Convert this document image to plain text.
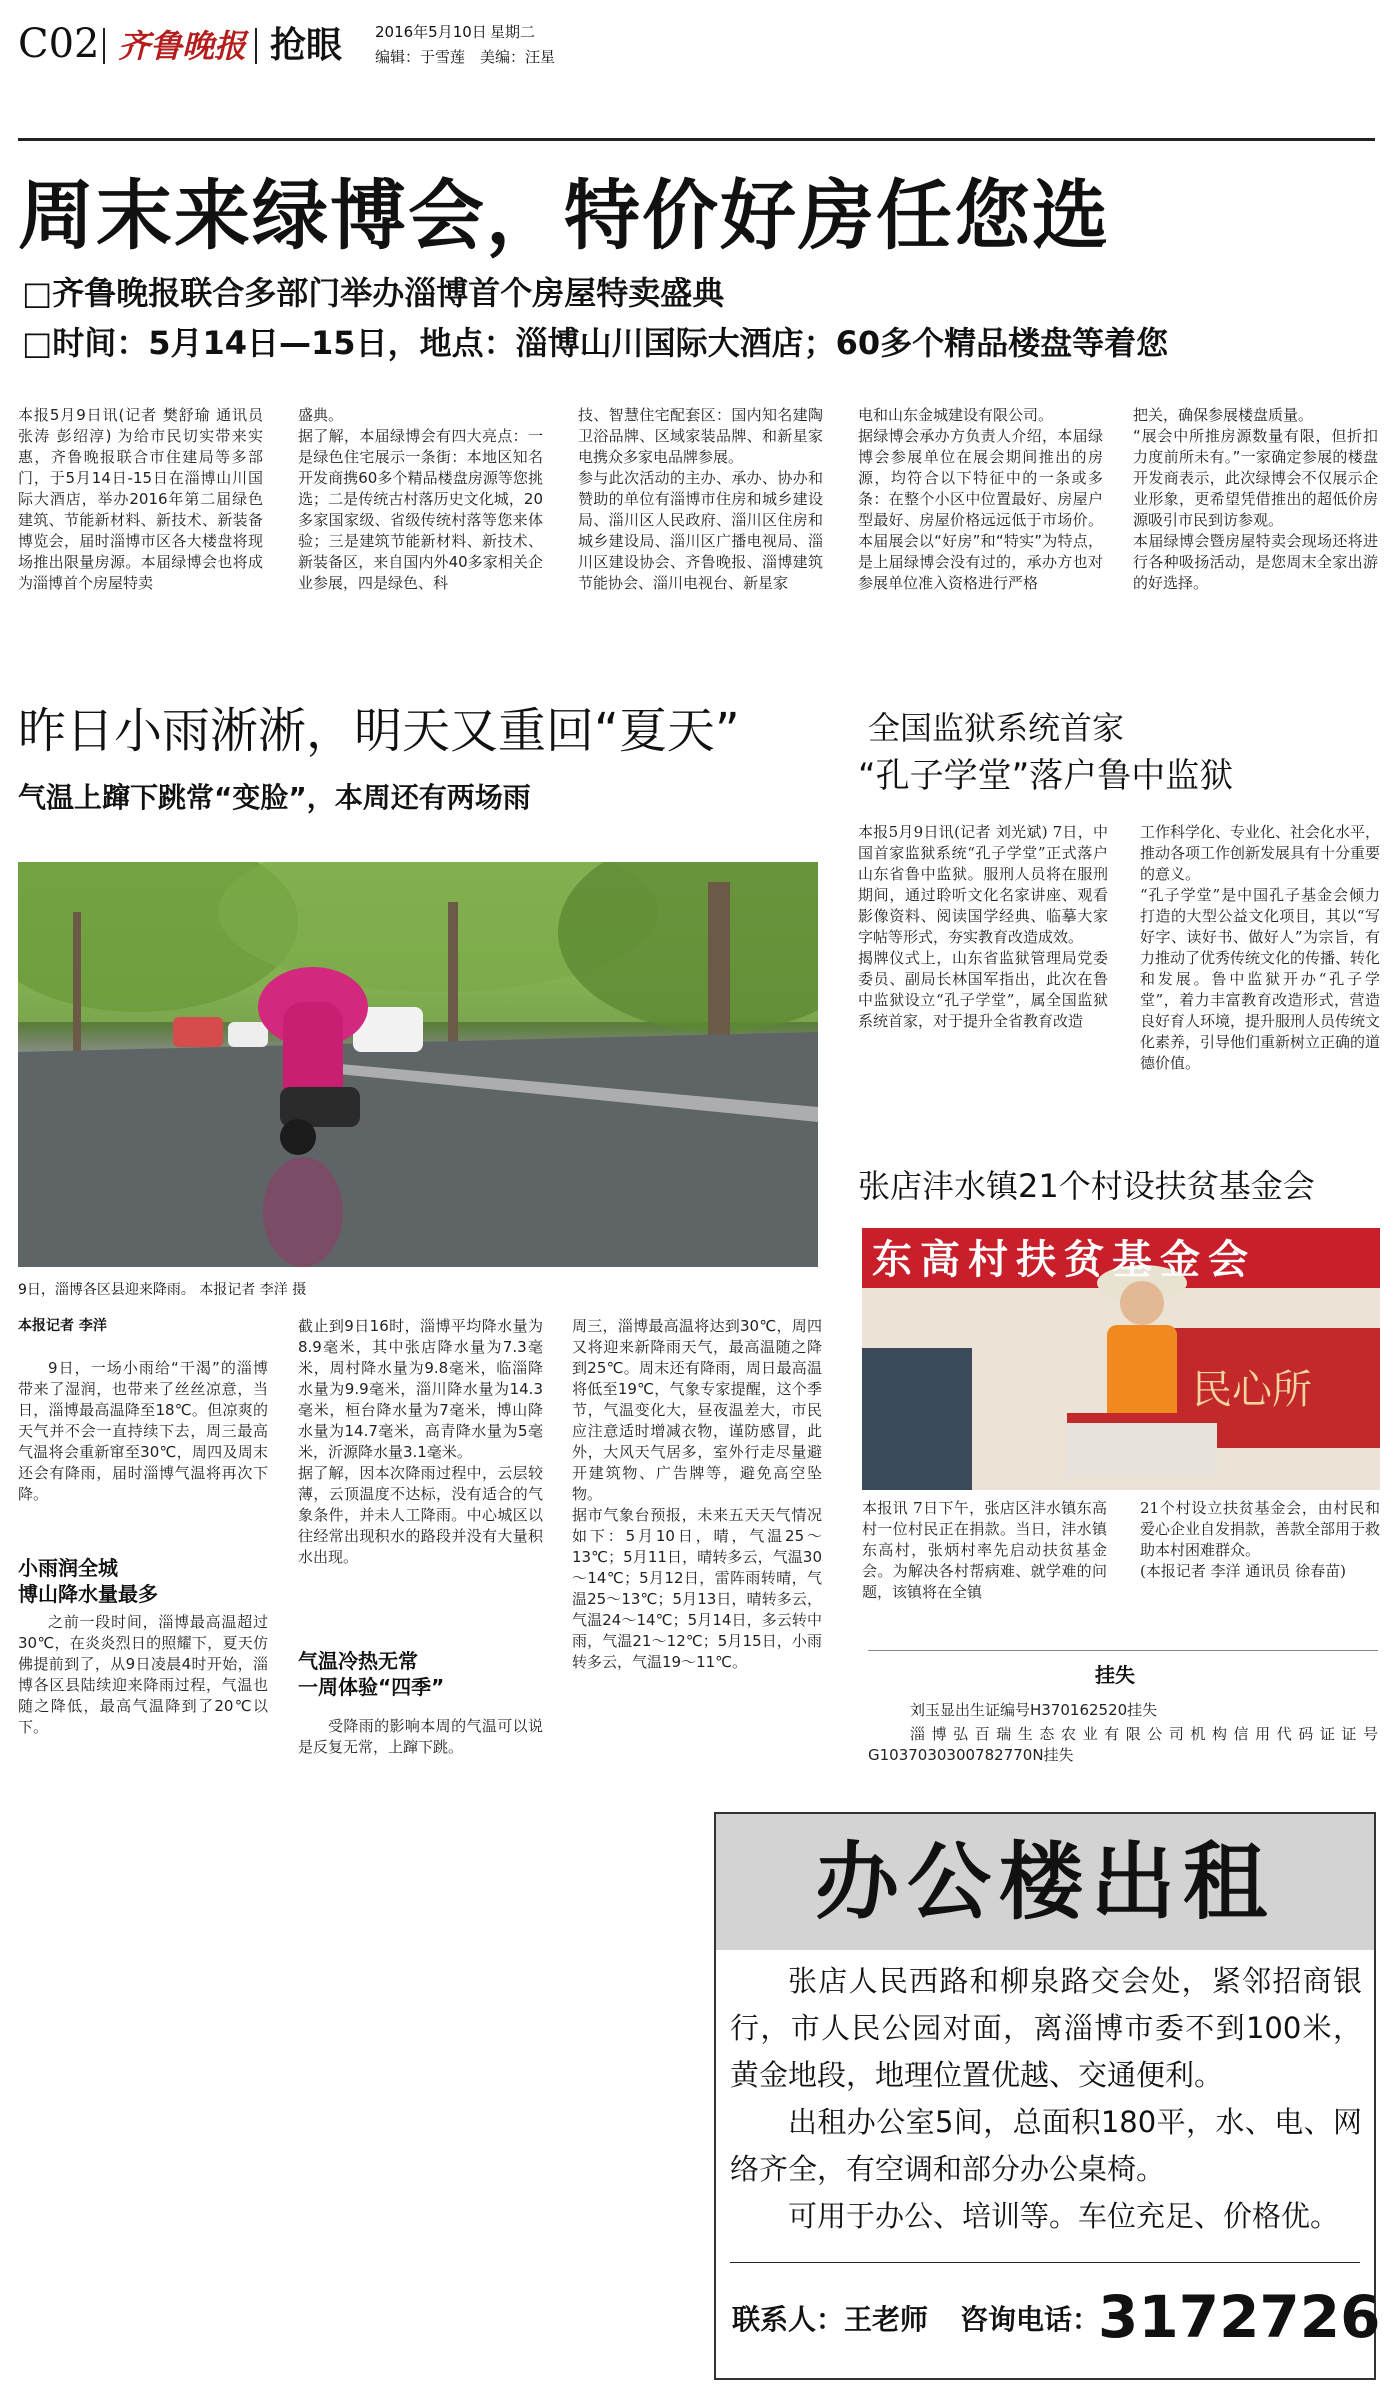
C02 齐鲁晚报 抢眼 2016年5月10日 星期二
编辑：于雪莲 美编：汪星
周末来绿博会，特价好房任您选
□齐鲁晚报联合多部门举办淄博首个房屋特卖盛典
□时间：5月14日—15日，地点：淄博山川国际大酒店；60多个精品楼盘等着您
本报5月9日讯(记者 樊舒瑜 通讯员 张涛 彭绍淳) 为给市民切实带来实惠，齐鲁晚报联合市住建局等多部门，于5月14日-15日在淄博山川国际大酒店，举办2016年第二届绿色建筑、节能新材料、新技术、新装备博览会，届时淄博市区各大楼盘将现场推出限量房源。本届绿博会也将成为淄博首个房屋特卖
盛典。
据了解，本届绿博会有四大亮点：一是绿色住宅展示一条街：本地区知名开发商携60多个精品楼盘房源等您挑选；二是传统古村落历史文化城，20多家国家级、省级传统村落等您来体验；三是建筑节能新材料、新技术、新装备区，来自国内外40多家相关企业参展，四是绿色、科
技、智慧住宅配套区：国内知名建陶卫浴品牌、区域家装品牌、和新星家电携众多家电品牌参展。
参与此次活动的主办、承办、协办和赞助的单位有淄博市住房和城乡建设局、淄川区人民政府、淄川区住房和城乡建设局、淄川区广播电视局、淄川区建设协会、齐鲁晚报、淄博建筑节能协会、淄川电视台、新星家
电和山东金城建设有限公司。
据绿博会承办方负责人介绍，本届绿博会参展单位在展会期间推出的房源，均符合以下特征中的一条或多条：在整个小区中位置最好、房屋户型最好、房屋价格远远低于市场价。本届展会以“好房”和“特实”为特点，是上届绿博会没有过的，承办方也对参展单位准入资格进行严格
把关，确保参展楼盘质量。
“展会中所推房源数量有限，但折扣力度前所未有。”一家确定参展的楼盘开发商表示，此次绿博会不仅展示企业形象，更希望凭借推出的超低价房源吸引市民到访参观。
本届绿博会暨房屋特卖会现场还将进行各种吸扬活动，是您周末全家出游的好选择。
昨日小雨淅淅，明天又重回“夏天”
气温上蹿下跳常“变脸”，本周还有两场雨
9日，淄博各区县迎来降雨。 本报记者 李洋 摄
本报记者 李洋
9日，一场小雨给“干渴”的淄博带来了湿润，也带来了丝丝凉意，当日，淄博最高温降至18℃。但凉爽的天气并不会一直持续下去，周三最高气温将会重新窜至30℃，周四及周末还会有降雨，届时淄博气温将再次下降。
小雨润全城
博山降水量最多
之前一段时间，淄博最高温超过30℃，在炎炎烈日的照耀下，夏天仿佛提前到了，从9日凌晨4时开始，淄博各区县陆续迎来降雨过程，气温也随之降低，最高气温降到了20℃以下。
截止到9日16时，淄博平均降水量为8.9毫米，其中张店降水量为7.3毫米，周村降水量为9.8毫米，临淄降水量为9.9毫米，淄川降水量为14.3毫米，桓台降水量为7毫米，博山降水量为14.7毫米，高青降水量为5毫米，沂源降水量3.1毫米。
据了解，因本次降雨过程中，云层较薄，云顶温度不达标，没有适合的气象条件，并未人工降雨。中心城区以往经常出现积水的路段并没有大量积水出现。
气温冷热无常
一周体验“四季”
受降雨的影响本周的气温可以说是反复无常，上蹿下跳。
周三，淄博最高温将达到30℃，周四又将迎来新降雨天气，最高温随之降到25℃。周末还有降雨，周日最高温将低至19℃，气象专家提醒，这个季节，气温变化大，昼夜温差大，市民应注意适时增减衣物，谨防感冒，此外，大风天气居多，室外行走尽量避开建筑物、广告牌等，避免高空坠物。
据市气象台预报，未来五天天气情况如下：5月10日，晴，气温25～13℃；5月11日，晴转多云，气温30～14℃；5月12日，雷阵雨转晴，气温25～13℃；5月13日，晴转多云，气温24～14℃；5月14日，多云转中雨，气温21～12℃；5月15日，小雨转多云，气温19～11℃。
全国监狱系统首家
“孔子学堂”落户鲁中监狱
本报5月9日讯(记者 刘光斌) 7日，中国首家监狱系统“孔子学堂”正式落户山东省鲁中监狱。服刑人员将在服刑期间，通过聆听文化名家讲座、观看影像资料、阅读国学经典、临摹大家字帖等形式，夯实教育改造成效。
揭牌仪式上，山东省监狱管理局党委委员、副局长林国军指出，此次在鲁中监狱设立“孔子学堂”，属全国监狱系统首家，对于提升全省教育改造
工作科学化、专业化、社会化水平，推动各项工作创新发展具有十分重要的意义。
“孔子学堂”是中国孔子基金会倾力打造的大型公益文化项目，其以“写好字、读好书、做好人”为宗旨，有力推动了优秀传统文化的传播、转化和发展。鲁中监狱开办“孔子学堂”，着力丰富教育改造形式，营造良好育人环境，提升服刑人员传统文化素养，引导他们重新树立正确的道德价值。
张店沣水镇21个村设扶贫基金会
民心所
东高村扶贫基金会
本报讯 7日下午，张店区沣水镇东高村一位村民正在捐款。当日，沣水镇东高村，张炳村率先启动扶贫基金会。为解决各村帮病难、就学难的问题，该镇将在全镇
21个村设立扶贫基金会，由村民和爱心企业自发捐款，善款全部用于救助本村困难群众。
(本报记者 李洋 通讯员 徐春苗)
挂失
刘玉显出生证编号H370162520挂失
淄博弘百瑞生态农业有限公司机构信用代码证证号G1037030300782770N挂失
办公楼出租
张店人民西路和柳泉路交会处，紧邻招商银行，市人民公园对面，离淄博市委不到100米，黄金地段，地理位置优越、交通便利。
出租办公室5间，总面积180平，水、电、网络齐全，有空调和部分办公桌椅。
可用于办公、培训等。车位充足、价格优。
联系人：王老师 咨询电话：
3172726
